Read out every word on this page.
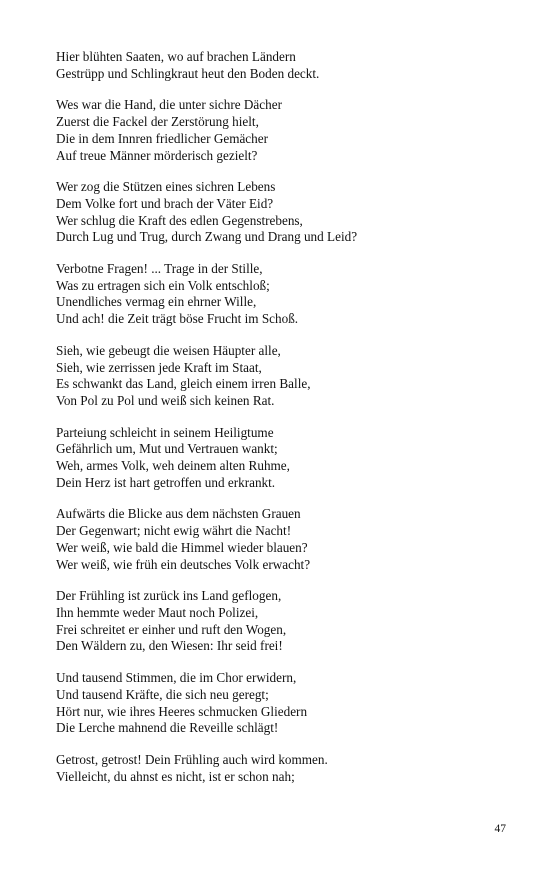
Hier blühten Saaten, wo auf brachen Ländern
Gestrüpp und Schlingkraut heut den Boden deckt.
Wes war die Hand, die unter sichre Dächer
Zuerst die Fackel der Zerstörung hielt,
Die in dem Innren friedlicher Gemächer
Auf treue Männer mörderisch gezielt?
Wer zog die Stützen eines sichren Lebens
Dem Volke fort und brach der Väter Eid?
Wer schlug die Kraft des edlen Gegenstrebens,
Durch Lug und Trug, durch Zwang und Drang und Leid?
Verbotne Fragen! ... Trage in der Stille,
Was zu ertragen sich ein Volk entschloß;
Unendliches vermag ein ehrner Wille,
Und ach! die Zeit trägt böse Frucht im Schoß.
Sieh, wie gebeugt die weisen Häupter alle,
Sieh, wie zerrissen jede Kraft im Staat,
Es schwankt das Land, gleich einem irren Balle,
Von Pol zu Pol und weiß sich keinen Rat.
Parteiung schleicht in seinem Heiligtume
Gefährlich um, Mut und Vertrauen wankt;
Weh, armes Volk, weh deinem alten Ruhme,
Dein Herz ist hart getroffen und erkrankt.
Aufwärts die Blicke aus dem nächsten Grauen
Der Gegenwart; nicht ewig währt die Nacht!
Wer weiß, wie bald die Himmel wieder blauen?
Wer weiß, wie früh ein deutsches Volk erwacht?
Der Frühling ist zurück ins Land geflogen,
Ihn hemmte weder Maut noch Polizei,
Frei schreitet er einher und ruft den Wogen,
Den Wäldern zu, den Wiesen: Ihr seid frei!
Und tausend Stimmen, die im Chor erwidern,
Und tausend Kräfte, die sich neu geregt;
Hört nur, wie ihres Heeres schmucken Gliedern
Die Lerche mahnend die Reveille schlägt!
Getrost, getrost! Dein Frühling auch wird kommen.
Vielleicht, du ahnst es nicht, ist er schon nah;
47
